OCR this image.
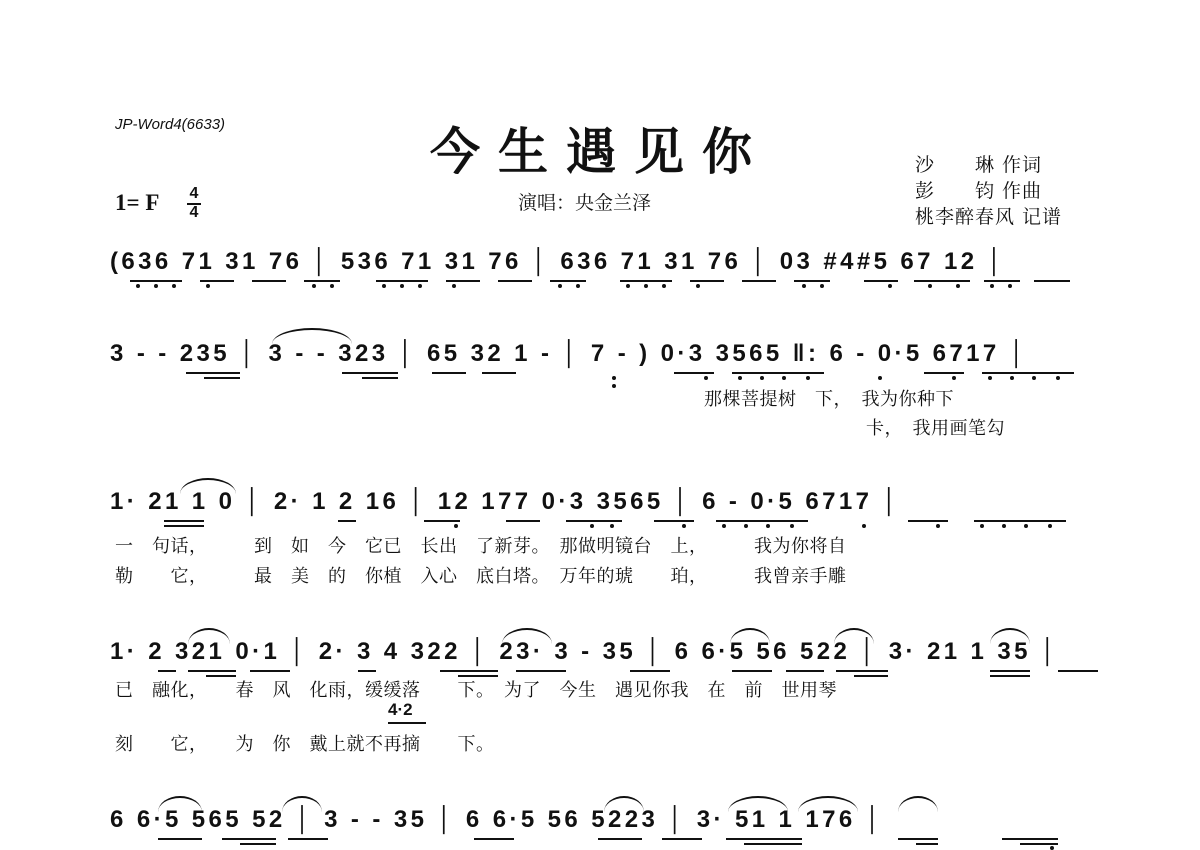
JP-Word4(6633)	今生遇见你
演唱：央金兰泽
沙　　琳 作词
彭　　钧 作曲
桃李醉春风 记谱
1= F 4
4
(636 71 31 76 │ 536 71 31 76 │ 636 71 31 76 │ 03 #4#5 67 12 │
3 - - 235 │ 3 - - 323 │ 65 32 1 - │ 7 - ) 0·3 3565 ‖: 6 - 0·5 6717 │
那棵菩提树　下，　我为你种下
卡，　我用画笔勾
1· 21 1 0 │ 2· 1 2 16 │ 12 177 0·3 3565 │ 6 - 0·5 6717 │
一　句话，　　　到　如　今　它已　长出　了新芽。　那做明镜台　上，　　　我为你将自
勒　　它，　　　最　美　的　你植　入心　底白塔。　万年的琥　　珀，　　　我曾亲手雕
1· 2 321 0·1 │ 2· 3 4 322 │ 23· 3 - 35 │ 6 6·5 56 522 │ 3· 21 1 35 │
已　融化，　　春　风　化雨，缓缓落　　下。　为了　今生　遇见你我　在　前　世用琴
4·2
刻　　它，　　为　你　戴上就不再摘　　下。
6 6·5 565 52 │ 3 - - 35 │ 6 6·5 56 5223 │ 3· 51 1 176 │
